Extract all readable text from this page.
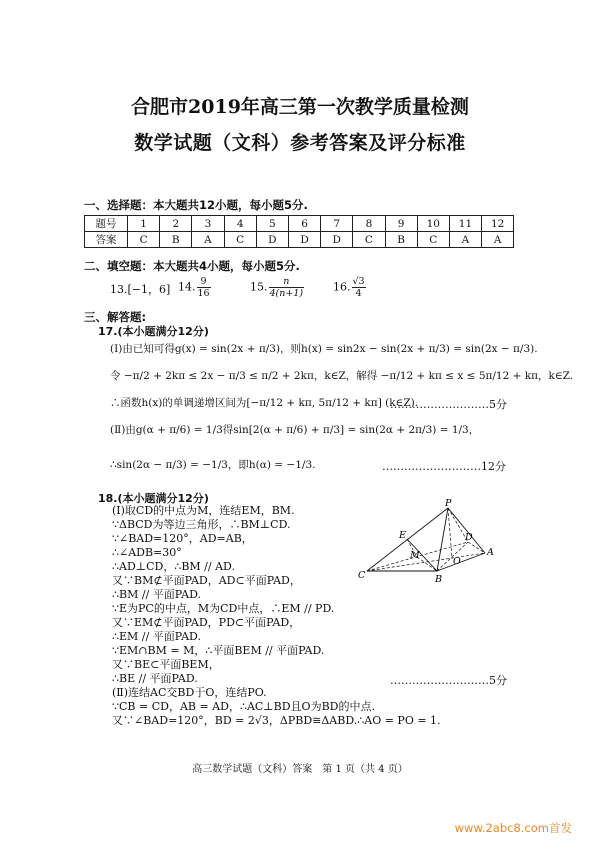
合肥市2019年高三第一次教学质量检测
数学试题（文科）参考答案及评分标准
一、选择题：本大题共12小题，每小题5分.
题号	1	2	3	4	5	6	7	8	9	10	11	12
答案	C	B	A	C	D	D	D	C	B	C	A	A
二、填空题：本大题共4小题，每小题5分.
13.[−1，6] 14. $\frac{9}{16}$	15. $\frac{n}{4(n+1)}$	16. $\frac{√3}{4}$
三、解答题:
17.(本小题满分12分)
(Ⅰ)由已知可得g(x) = sin(2x + π/3)，则h(x) = sin2x − sin(2x + π/3) = sin(2x − π/3).
令 −π/2 + 2kπ ≤ 2x − π/3 ≤ π/2 + 2kπ，k∈Z，解得 −π/12 + kπ ≤ x ≤ 5π/12 + kπ，k∈Z.
∴函数h(x)的单调递增区间为[−π/12 + kπ, 5π/12 + kπ] (k∈Z).
………………………5分
(Ⅱ)由g(α + π/6) = 1/3得sin[2(α + π/6) + π/3] = sin(2α + 2π/3) = 1/3，
∴sin(2α − π/3) = −1/3，即h(α) = −1/3.	………………………12分
18.(本小题满分12分)
(Ⅰ)取CD的中点为M，连结EM，BM.
∵ΔBCD为等边三角形，∴BM⊥CD.
∵∠BAD=120°，AD=AB，
∴∠ADB=30°
∴AD⊥CD，∴BM // AD.
又∵BM⊄平面PAD，AD⊂平面PAD，
∴BM // 平面PAD.
∵E为PC的中点，M为CD中点，∴EM // PD.
又∵EM⊄平面PAD，PD⊂平面PAD，
∴EM // 平面PAD.
∵EM∩BM = M，∴平面BEM // 平面PAD.
又∵BE⊂平面BEM，
∴BE // 平面PAD.	………………………5分
(Ⅱ)连结AC交BD于O，连结PO.
∵CB = CD，AB = AD，∴AC⊥BD且O为BD的中点.
又∵∠BAD=120°，BD = 2√3，ΔPBD≅ΔABD.∴AO = PO = 1.
P
E	D
M
O
A
C	B
高三数学试题（文科）答案　第 1 页（共 4 页）
www.2abc8.com首发
